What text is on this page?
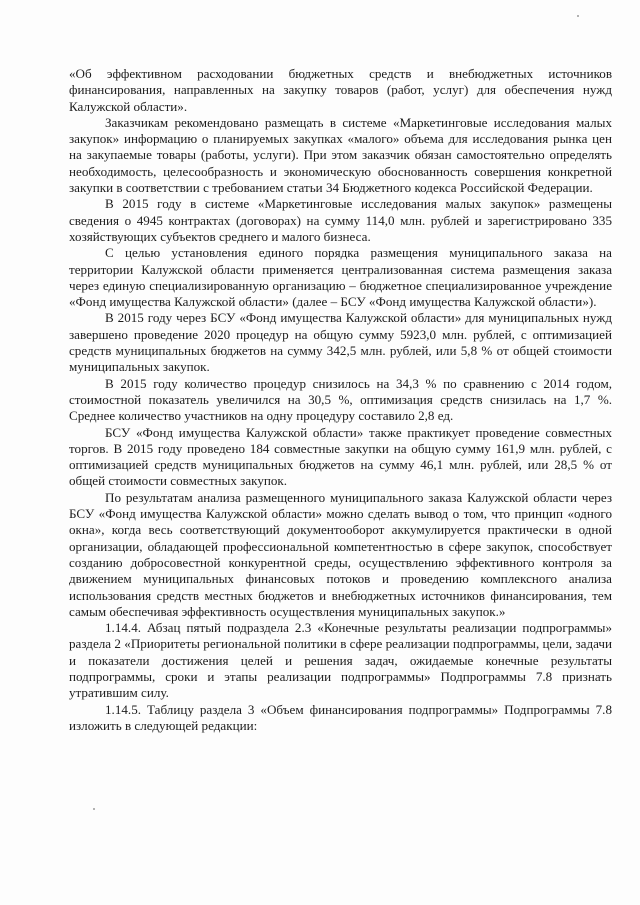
«Об эффективном расходовании бюджетных средств и внебюджетных источников финансирования, направленных на закупку товаров (работ, услуг) для обеспечения нужд Калужской области».

Заказчикам рекомендовано размещать в системе «Маркетинговые исследования малых закупок» информацию о планируемых закупках «малого» объема для исследования рынка цен на закупаемые товары (работы, услуги). При этом заказчик обязан самостоятельно определять необходимость, целесообразность и экономическую обоснованность совершения конкретной закупки в соответствии с требованием статьи 34 Бюджетного кодекса Российской Федерации.

В 2015 году в системе «Маркетинговые исследования малых закупок» размещены сведения о 4945 контрактах (договорах) на сумму 114,0 млн. рублей и зарегистрировано 335 хозяйствующих субъектов среднего и малого бизнеса.

С целью установления единого порядка размещения муниципального заказа на территории Калужской области применяется централизованная система размещения заказа через единую специализированную организацию – бюджетное специализированное учреждение «Фонд имущества Калужской области» (далее – БСУ «Фонд имущества Калужской области»).

В 2015 году через БСУ «Фонд имущества Калужской области» для муниципальных нужд завершено проведение 2020 процедур на общую сумму 5923,0 млн. рублей, с оптимизацией средств муниципальных бюджетов на сумму 342,5 млн. рублей, или 5,8 % от общей стоимости муниципальных закупок.

В 2015 году количество процедур снизилось на 34,3 % по сравнению с 2014 годом, стоимостной показатель увеличился на 30,5 %, оптимизация средств снизилась на 1,7 %. Среднее количество участников на одну процедуру составило 2,8 ед.

БСУ «Фонд имущества Калужской области» также практикует проведение совместных торгов. В 2015 году проведено 184 совместные закупки на общую сумму 161,9 млн. рублей, с оптимизацией средств муниципальных бюджетов на сумму 46,1 млн. рублей, или 28,5 % от общей стоимости совместных закупок.

По результатам анализа размещенного муниципального заказа Калужской области через БСУ «Фонд имущества Калужской области» можно сделать вывод о том, что принцип «одного окна», когда весь соответствующий документооборот аккумулируется практически в одной организации, обладающей профессиональной компетентностью в сфере закупок, способствует созданию добросовестной конкурентной среды, осуществлению эффективного контроля за движением муниципальных финансовых потоков и проведению комплексного анализа использования средств местных бюджетов и внебюджетных источников финансирования, тем самым обеспечивая эффективность осуществления муниципальных закупок.»

1.14.4. Абзац пятый подраздела 2.3 «Конечные результаты реализации подпрограммы» раздела 2 «Приоритеты региональной политики в сфере реализации подпрограммы, цели, задачи и показатели достижения целей и решения задач, ожидаемые конечные результаты подпрограммы, сроки и этапы реализации подпрограммы» Подпрограммы 7.8 признать утратившим силу.

1.14.5. Таблицу раздела 3 «Объем финансирования подпрограммы» Подпрограммы 7.8 изложить в следующей редакции:
